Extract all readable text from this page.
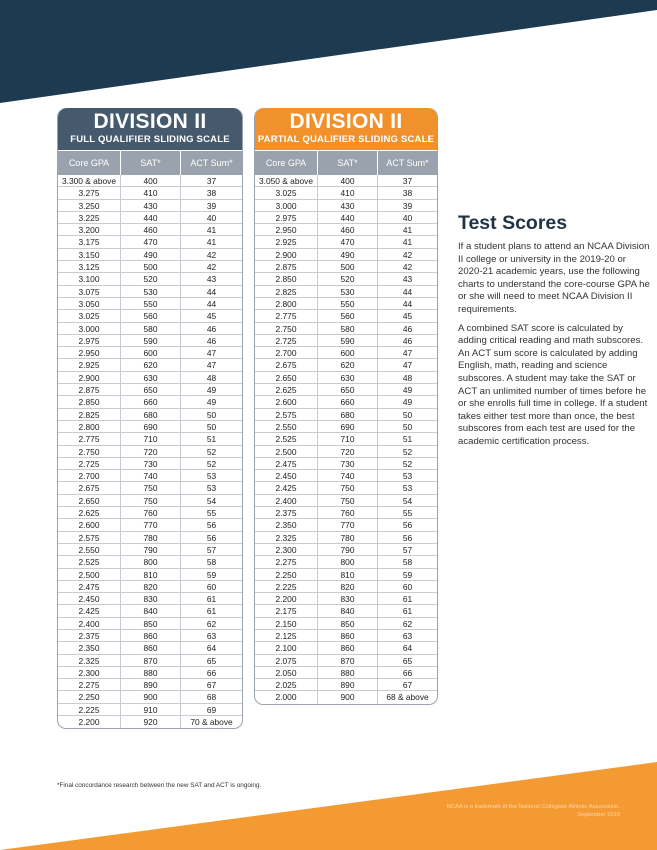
DIVISION II
FULL QUALIFIER SLIDING SCALE
Core GPA	SAT*	ACT Sum*
3.300 & above	400	37
3.275	410	38
3.250	430	39
3.225	440	40
3.200	460	41
3.175	470	41
3.150	490	42
3.125	500	42
3.100	520	43
3.075	530	44
3.050	550	44
3.025	560	45
3.000	580	46
2.975	590	46
2.950	600	47
2.925	620	47
2.900	630	48
2.875	650	49
2.850	660	49
2.825	680	50
2.800	690	50
2.775	710	51
2.750	720	52
2.725	730	52
2.700	740	53
2.675	750	53
2.650	750	54
2.625	760	55
2.600	770	56
2.575	780	56
2.550	790	57
2.525	800	58
2.500	810	59
2.475	820	60
2.450	830	61
2.425	840	61
2.400	850	62
2.375	860	63
2.350	860	64
2.325	870	65
2.300	880	66
2.275	890	67
2.250	900	68
2.225	910	69
2.200	920	70 & above
DIVISION II
PARTIAL QUALIFIER SLIDING SCALE
Core GPA	SAT*	ACT Sum*
3.050 & above	400	37
3.025	410	38
3.000	430	39
2.975	440	40
2.950	460	41
2.925	470	41
2.900	490	42
2.875	500	42
2.850	520	43
2.825	530	44
2.800	550	44
2.775	560	45
2.750	580	46
2.725	590	46
2.700	600	47
2.675	620	47
2.650	630	48
2.625	650	49
2.600	660	49
2.575	680	50
2.550	690	50
2.525	710	51
2.500	720	52
2.475	730	52
2.450	740	53
2.425	750	53
2.400	750	54
2.375	760	55
2.350	770	56
2.325	780	56
2.300	790	57
2.275	800	58
2.250	810	59
2.225	820	60
2.200	830	61
2.175	840	61
2.150	850	62
2.125	860	63
2.100	860	64
2.075	870	65
2.050	880	66
2.025	890	67
2.000	900	68 & above
Test Scores

If a student plans to attend an NCAA Division II college or university in the 2019-20 or 2020-21 academic years, use the following charts to understand the core-course GPA he or she will need to meet NCAA Division II requirements.

A combined SAT score is calculated by adding critical reading and math subscores. An ACT sum score is calculated by adding English, math, reading and science subscores. A student may take the SAT or ACT an unlimited number of times before he or she enrolls full time in college. If a student takes either test more than once, the best subscores from each test are used for the academic certification process.

*Final concordance research between the new SAT and ACT is ongoing.
NCAA is a trademark of the National Collegiate Athletic Association.
September 2019
